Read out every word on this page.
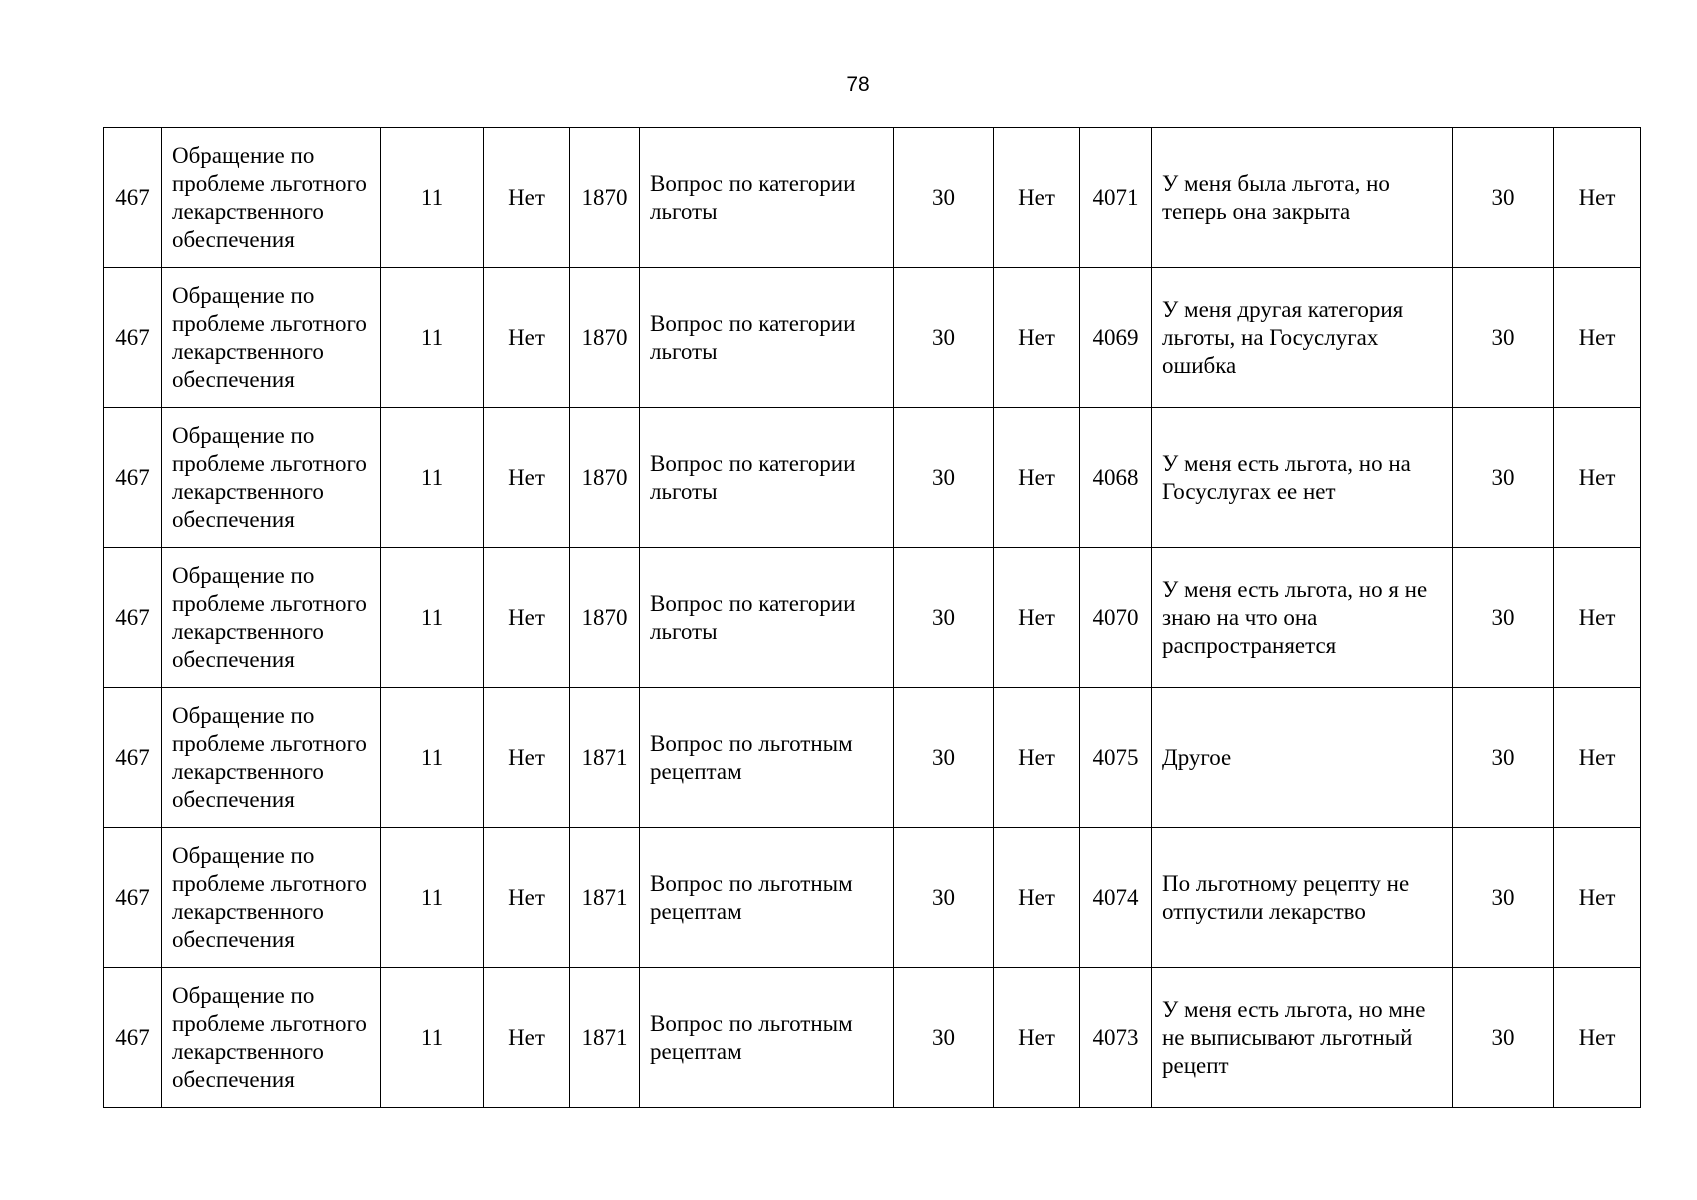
78
467	Обращение по проблеме льготного лекарственного обеспечения	11	Нет	1870	Вопрос по категории льготы	30	Нет	4071	У меня была льгота, но теперь она закрыта	30	Нет
467	Обращение по проблеме льготного лекарственного обеспечения	11	Нет	1870	Вопрос по категории льготы	30	Нет	4069	У меня другая категория льготы, на Госуслугах ошибка	30	Нет
467	Обращение по проблеме льготного лекарственного обеспечения	11	Нет	1870	Вопрос по категории льготы	30	Нет	4068	У меня есть льгота, но на Госуслугах ее нет	30	Нет
467	Обращение по проблеме льготного лекарственного обеспечения	11	Нет	1870	Вопрос по категории льготы	30	Нет	4070	У меня есть льгота, но я не знаю на что она распространяется	30	Нет
467	Обращение по проблеме льготного лекарственного обеспечения	11	Нет	1871	Вопрос по льготным рецептам	30	Нет	4075	Другое	30	Нет
467	Обращение по проблеме льготного лекарственного обеспечения	11	Нет	1871	Вопрос по льготным рецептам	30	Нет	4074	По льготному рецепту не отпустили лекарство	30	Нет
467	Обращение по проблеме льготного лекарственного обеспечения	11	Нет	1871	Вопрос по льготным рецептам	30	Нет	4073	У меня есть льгота, но мне не выписывают льготный рецепт	30	Нет
